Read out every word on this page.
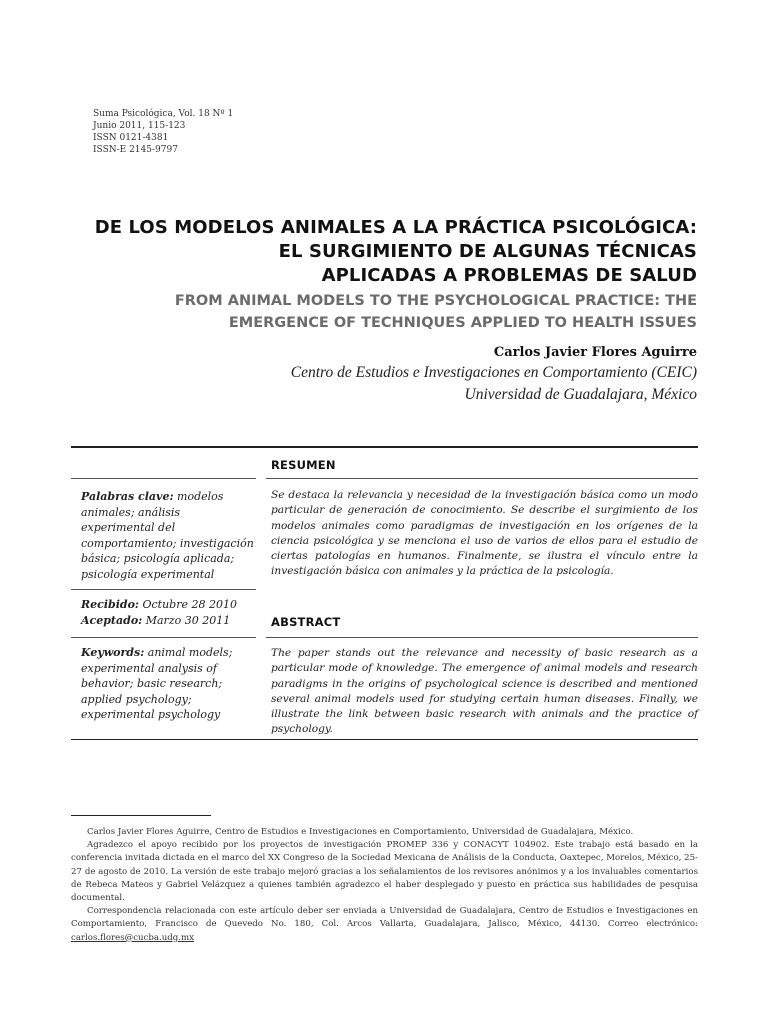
Suma Psicológica, Vol. 18 Nº 1
Junio 2011, 115-123
ISSN 0121-4381
ISSN-E 2145-9797
DE LOS MODELOS ANIMALES A LA PRÁCTICA PSICOLÓGICA:
EL SURGIMIENTO DE ALGUNAS TÉCNICAS
APLICADAS A PROBLEMAS DE SALUD
FROM ANIMAL MODELS TO THE PSYCHOLOGICAL PRACTICE: THE
EMERGENCE OF TECHNIQUES APPLIED TO HEALTH ISSUES
Carlos Javier Flores Aguirre
Centro de Estudios e Investigaciones en Comportamiento (CEIC)
Universidad de Guadalajara, México
Palabras clave: modelos animales; análisis experimental del comportamiento; investigación básica; psicología aplicada; psicología experimental
Recibido: Octubre 28 2010
Aceptado: Marzo 30 2011
Keywords: animal models; experimental analysis of behavior; basic research; applied psychology; experimental psychology
RESUMEN
Se destaca la relevancia y necesidad de la investigación básica como un modo particular de generación de conocimiento. Se describe el surgimiento de los modelos animales como paradigmas de investigación en los orígenes de la ciencia psicológica y se menciona el uso de varios de ellos para el estudio de ciertas patologías en humanos. Finalmente, se ilustra el vínculo entre la investigación básica con animales y la práctica de la psicología.
ABSTRACT
The paper stands out the relevance and necessity of basic research as a particular mode of knowledge. The emergence of animal models and research paradigms in the origins of psychological science is described and mentioned several animal models used for studying certain human diseases. Finally, we illustrate the link between basic research with animals and the practice of psychology.

Carlos Javier Flores Aguirre, Centro de Estudios e Investigaciones en Comportamiento, Universidad de Guadalajara, México.

Agradezco el apoyo recibido por los proyectos de investigación PROMEP 336 y CONACYT 104902. Este trabajo está basado en la conferencia invitada dictada en el marco del XX Congreso de la Sociedad Mexicana de Análisis de la Conducta, Oaxtepec, Morelos, México, 25-27 de agosto de 2010. La versión de este trabajo mejoró gracias a los señalamientos de los revisores anónimos y a los invaluables comentarios de Rebeca Mateos y Gabriel Velázquez a quienes también agradezco el haber desplegado y puesto en práctica sus habilidades de pesquisa documental.

Correspondencia relacionada con este artículo deber ser enviada a Universidad de Guadalajara, Centro de Estudios e Investigaciones en Comportamiento, Francisco de Quevedo No. 180, Col. Arcos Vallarta, Guadalajara, Jalisco, México, 44130. Correo electrónico: carlos.flores@cucba.udg.mx
